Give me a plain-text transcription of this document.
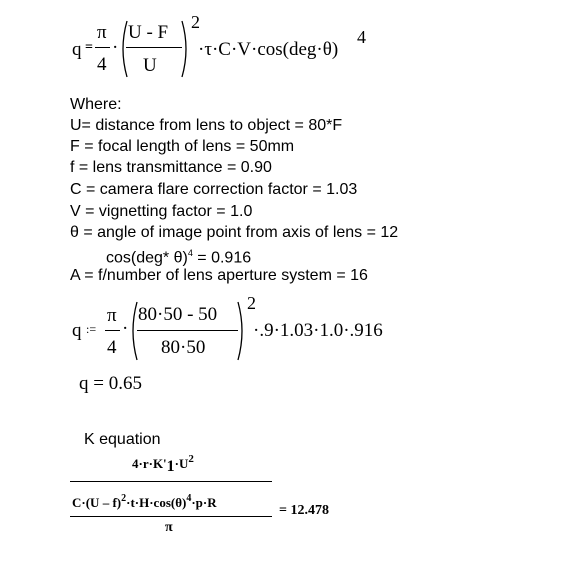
q =
π
4
·
U - F
U
2
·τ·C·V·cos(deg·θ)
4
Where:
U= distance from lens to object = 80*F
F = focal length of lens = 50mm
f = lens transmittance = 0.90
C = camera flare correction factor = 1.03
V = vignetting factor = 1.0
θ = angle of image point from axis of lens = 12
cos(deg* θ)$^4$ = 0.916
A = f/number of lens aperture system = 16
q :=
π
4
·
80·50 - 50
80·50
2
·.9·1.03·1.0·.916
q = 0.65
K equation
$4\cdot r\cdot K'1\cdot U^2$
$C\cdot(U - f)^2\cdot t\cdot H\cdot\cos(\theta)^4\cdot p\cdot R$
π
= 12.478
